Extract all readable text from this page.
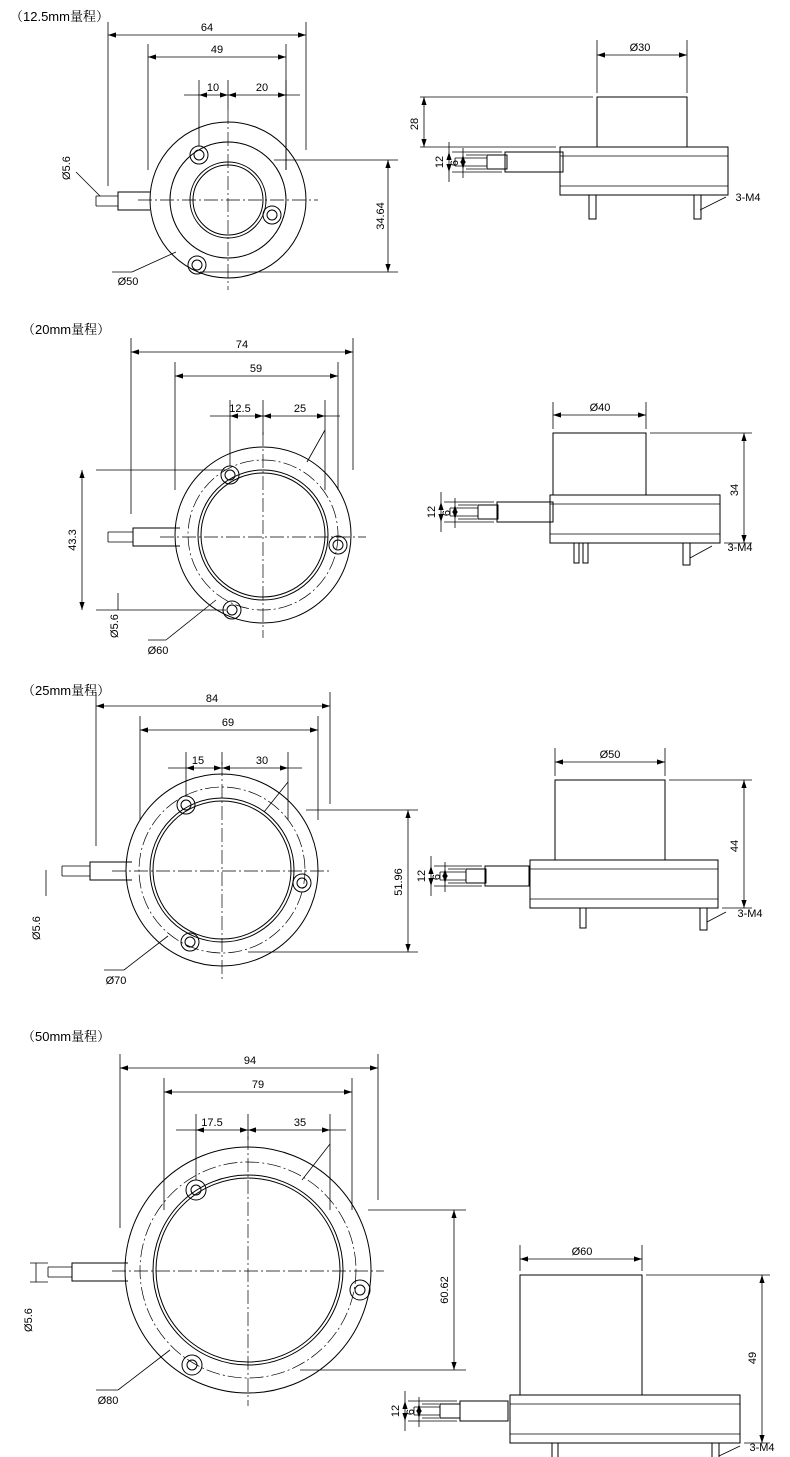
（12.5mm量程）
64
49
10	20
34.64
Ø5.6
Ø50
Ø30
28
12 6
3-M4
（20mm量程）
74
59
12.5	25
43.3
Ø5.6
Ø60
Ø40
34
12 6
3-M4
（25mm量程）
84
69
15	30
51.96
Ø5.6
Ø70
Ø50
44
12 6
3-M4
（50mm量程）
94
79
17.5	35
60.62
Ø5.6
Ø80
Ø60
49
12 6
3-M4
